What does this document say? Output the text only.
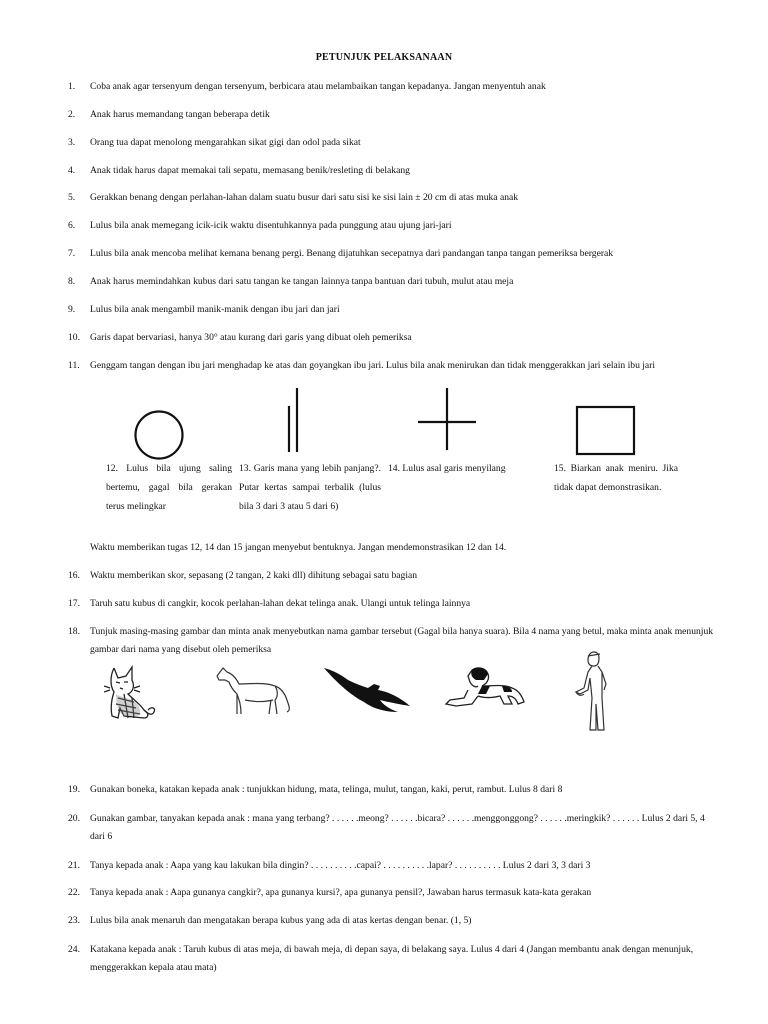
PETUNJUK PELAKSANAAN
1.	Coba anak agar tersenyum dengan tersenyum, berbicara atau melambaikan tangan kepadanya. Jangan menyentuh anak
2.	Anak harus memandang tangan beberapa detik
3.	Orang tua dapat menolong mengarahkan sikat gigi dan odol pada sikat
4.	Anak tidak harus dapat memakai tali sepatu, memasang benik/resleting di belakang
5.	Gerakkan benang dengan perlahan-lahan dalam suatu busur dari satu sisi ke sisi lain ± 20 cm di atas muka anak
6.	Lulus bila anak memegang icik-icik waktu disentuhkannya pada punggung atau ujung jari-jari
7.	Lulus bila anak mencoba melihat kemana benang pergi. Benang dijatuhkan secepatnya dari pandangan tanpa tangan pemeriksa bergerak
8.	Anak harus memindahkan kubus dari satu tangan ke tangan lainnya tanpa bantuan dari tubuh, mulut atau meja
9.	Lulus bila anak mengambil manik-manik dengan ibu jari dan jari
10.	Garis dapat bervariasi, hanya 30° atau kurang dari garis yang dibuat oleh pemeriksa
11.	Genggam tangan dengan ibu jari menghadap ke atas dan goyangkan ibu jari. Lulus bila anak menirukan dan tidak menggerakkan jari selain ibu jari
12. Lulus bila ujung saling bertemu, gagal bila gerakan terus melingkar
13. Garis mana yang lebih panjang?. Putar kertas sampai terbalik (lulus bila 3 dari 3 atau 5 dari 6)
14. Lulus asal garis menyilang	15. Biarkan anak meniru. Jika tidak dapat demonstrasikan.
Waktu memberikan tugas 12, 14 dan 15 jangan menyebut bentuknya. Jangan mendemonstrasikan 12 dan 14.
16.	Waktu memberikan skor, sepasang (2 tangan, 2 kaki dll) dihitung sebagai satu bagian
17.	Taruh satu kubus di cangkir, kocok perlahan-lahan dekat telinga anak. Ulangi untuk telinga lainnya
18.	Tunjuk masing-masing gambar dan minta anak menyebutkan nama gambar tersebut (Gagal bila hanya suara). Bila 4 nama yang betul, maka minta anak menunjuk gambar dari nama yang disebut oleh pemeriksa
19.	Gunakan boneka, katakan kepada anak : tunjukkan hidung, mata, telinga, mulut, tangan, kaki, perut, rambut. Lulus 8 dari 8
20.	Gunakan gambar, tanyakan kepada anak : mana yang terbang? . . . . . .meong? . . . . . .bicara? . . . . . .menggonggong? . . . . . .meringkik? . . . . . . Lulus 2 dari 5, 4 dari 6
21.	Tanya kepada anak : Aapa yang kau lakukan bila dingin? . . . . . . . . . .capai? . . . . . . . . . .lapar? . . . . . . . . . . Lulus 2 dari 3, 3 dari 3
22.	Tanya kepada anak : Aapa gunanya cangkir?, apa gunanya kursi?, apa gunanya pensil?, Jawaban harus termasuk kata-kata gerakan
23.	Lulus bila anak menaruh dan mengatakan berapa kubus yang ada di atas kertas dengan benar. (1, 5)
24.	Katakana kepada anak : Taruh kubus di atas meja, di bawah meja, di depan saya, di belakang saya. Lulus 4 dari 4 (Jangan membantu anak dengan menunjuk, menggerakkan kepala atau mata)
